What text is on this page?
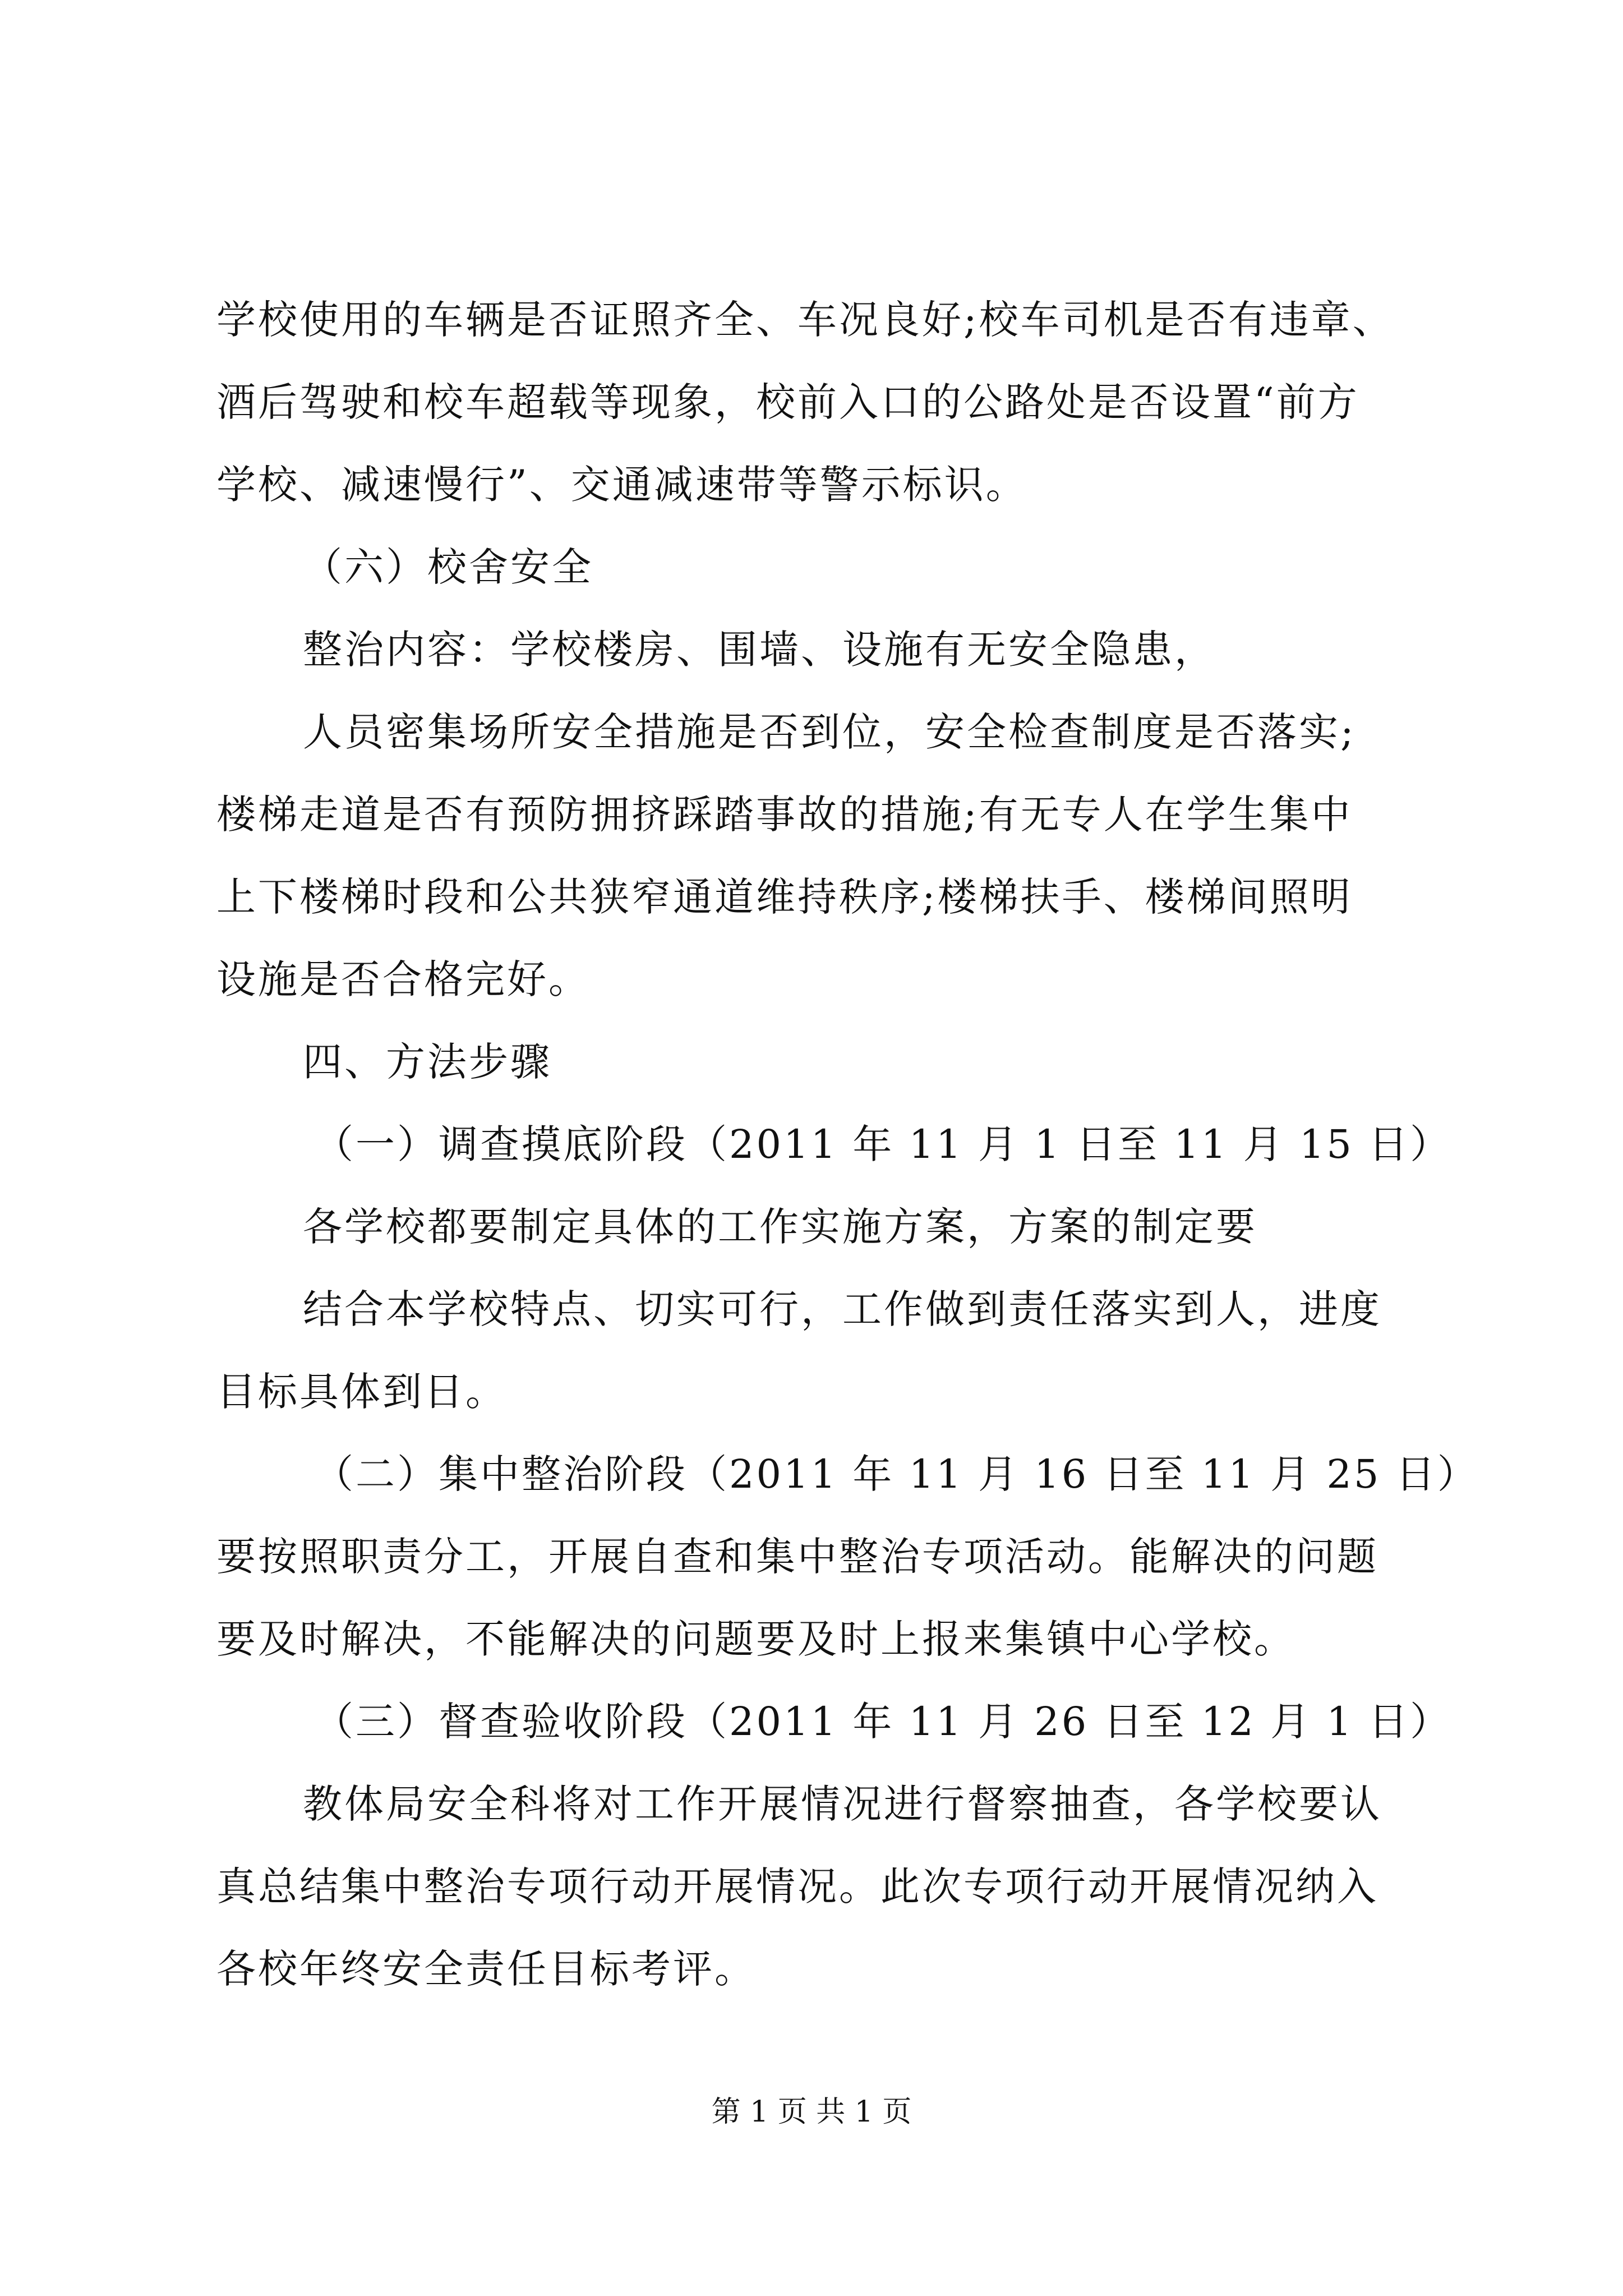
学校使用的车辆是否证照齐全、车况良好;校车司机是否有违章、
酒后驾驶和校车超载等现象，校前入口的公路处是否设置“前方
学校、减速慢行”、交通减速带等警示标识。
（六）校舍安全
整治内容：学校楼房、围墙、设施有无安全隐患，
人员密集场所安全措施是否到位，安全检查制度是否落实;
楼梯走道是否有预防拥挤踩踏事故的措施;有无专人在学生集中
上下楼梯时段和公共狭窄通道维持秩序;楼梯扶手、楼梯间照明
设施是否合格完好。
四、方法步骤
（一）调查摸底阶段（2011 年 11 月 1 日至 11 月 15 日）
各学校都要制定具体的工作实施方案，方案的制定要
结合本学校特点、切实可行，工作做到责任落实到人，进度
目标具体到日。
（二）集中整治阶段（2011 年 11 月 16 日至 11 月 25 日）
要按照职责分工，开展自查和集中整治专项活动。能解决的问题
要及时解决，不能解决的问题要及时上报来集镇中心学校。
（三）督查验收阶段（2011 年 11 月 26 日至 12 月 1 日）
教体局安全科将对工作开展情况进行督察抽查，各学校要认
真总结集中整治专项行动开展情况。此次专项行动开展情况纳入
各校年终安全责任目标考评。
第 1 页 共 1 页
